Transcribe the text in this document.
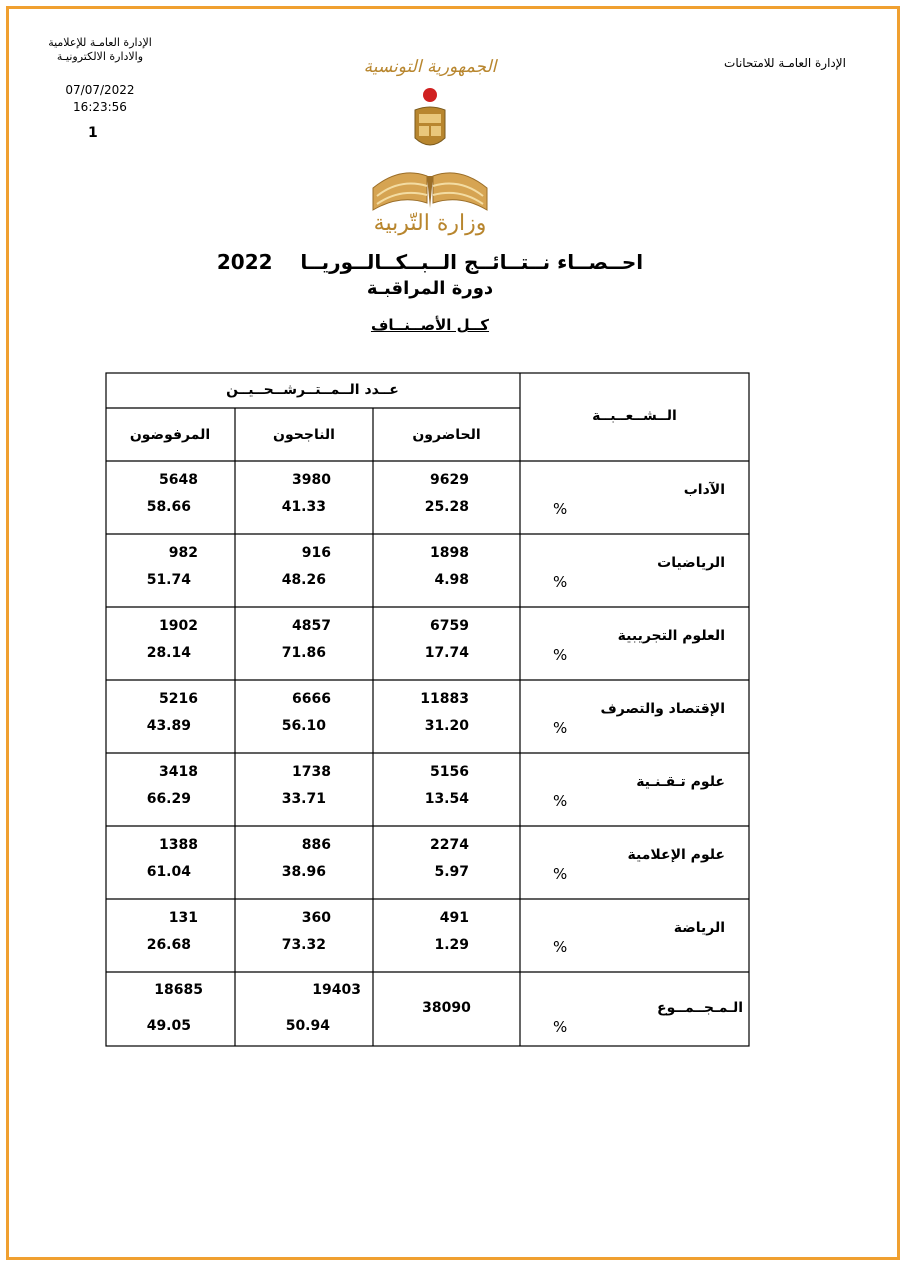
الإدارة العامـة للإعلامية
والادارة الالكترونيـة
07/07/2022
16:23:56
1
الإدارة العامـة للامتحانات
الجمهورية التونسية
وزارة التّربية
احــصــاء نــتــائــج الــبــكــالــوريــا    2022
دورة المراقبـة
كــل الأصــنــاف
عــدد الــمــتــرشــحــيــن
الــشــعــبــة
الحاضرون
الناجحون
المرفوضون
الآداب
%
9629
25.28
3980
41.33
5648
58.66
الرياضيات
%
1898
4.98
916
48.26
982
51.74
العلوم التجريبية
%
6759
17.74
4857
71.86
1902
28.14
الإقتصاد والتصرف
%
11883
31.20
6666
56.10
5216
43.89
علوم تـقـنـية
%
5156
13.54
1738
33.71
3418
66.29
علوم الإعلامية
%
2274
5.97
886
38.96
1388
61.04
الرياضة
%
491
1.29
360
73.32
131
26.68
الـمـجــمــوع
%
38090
19403
50.94
18685
49.05
